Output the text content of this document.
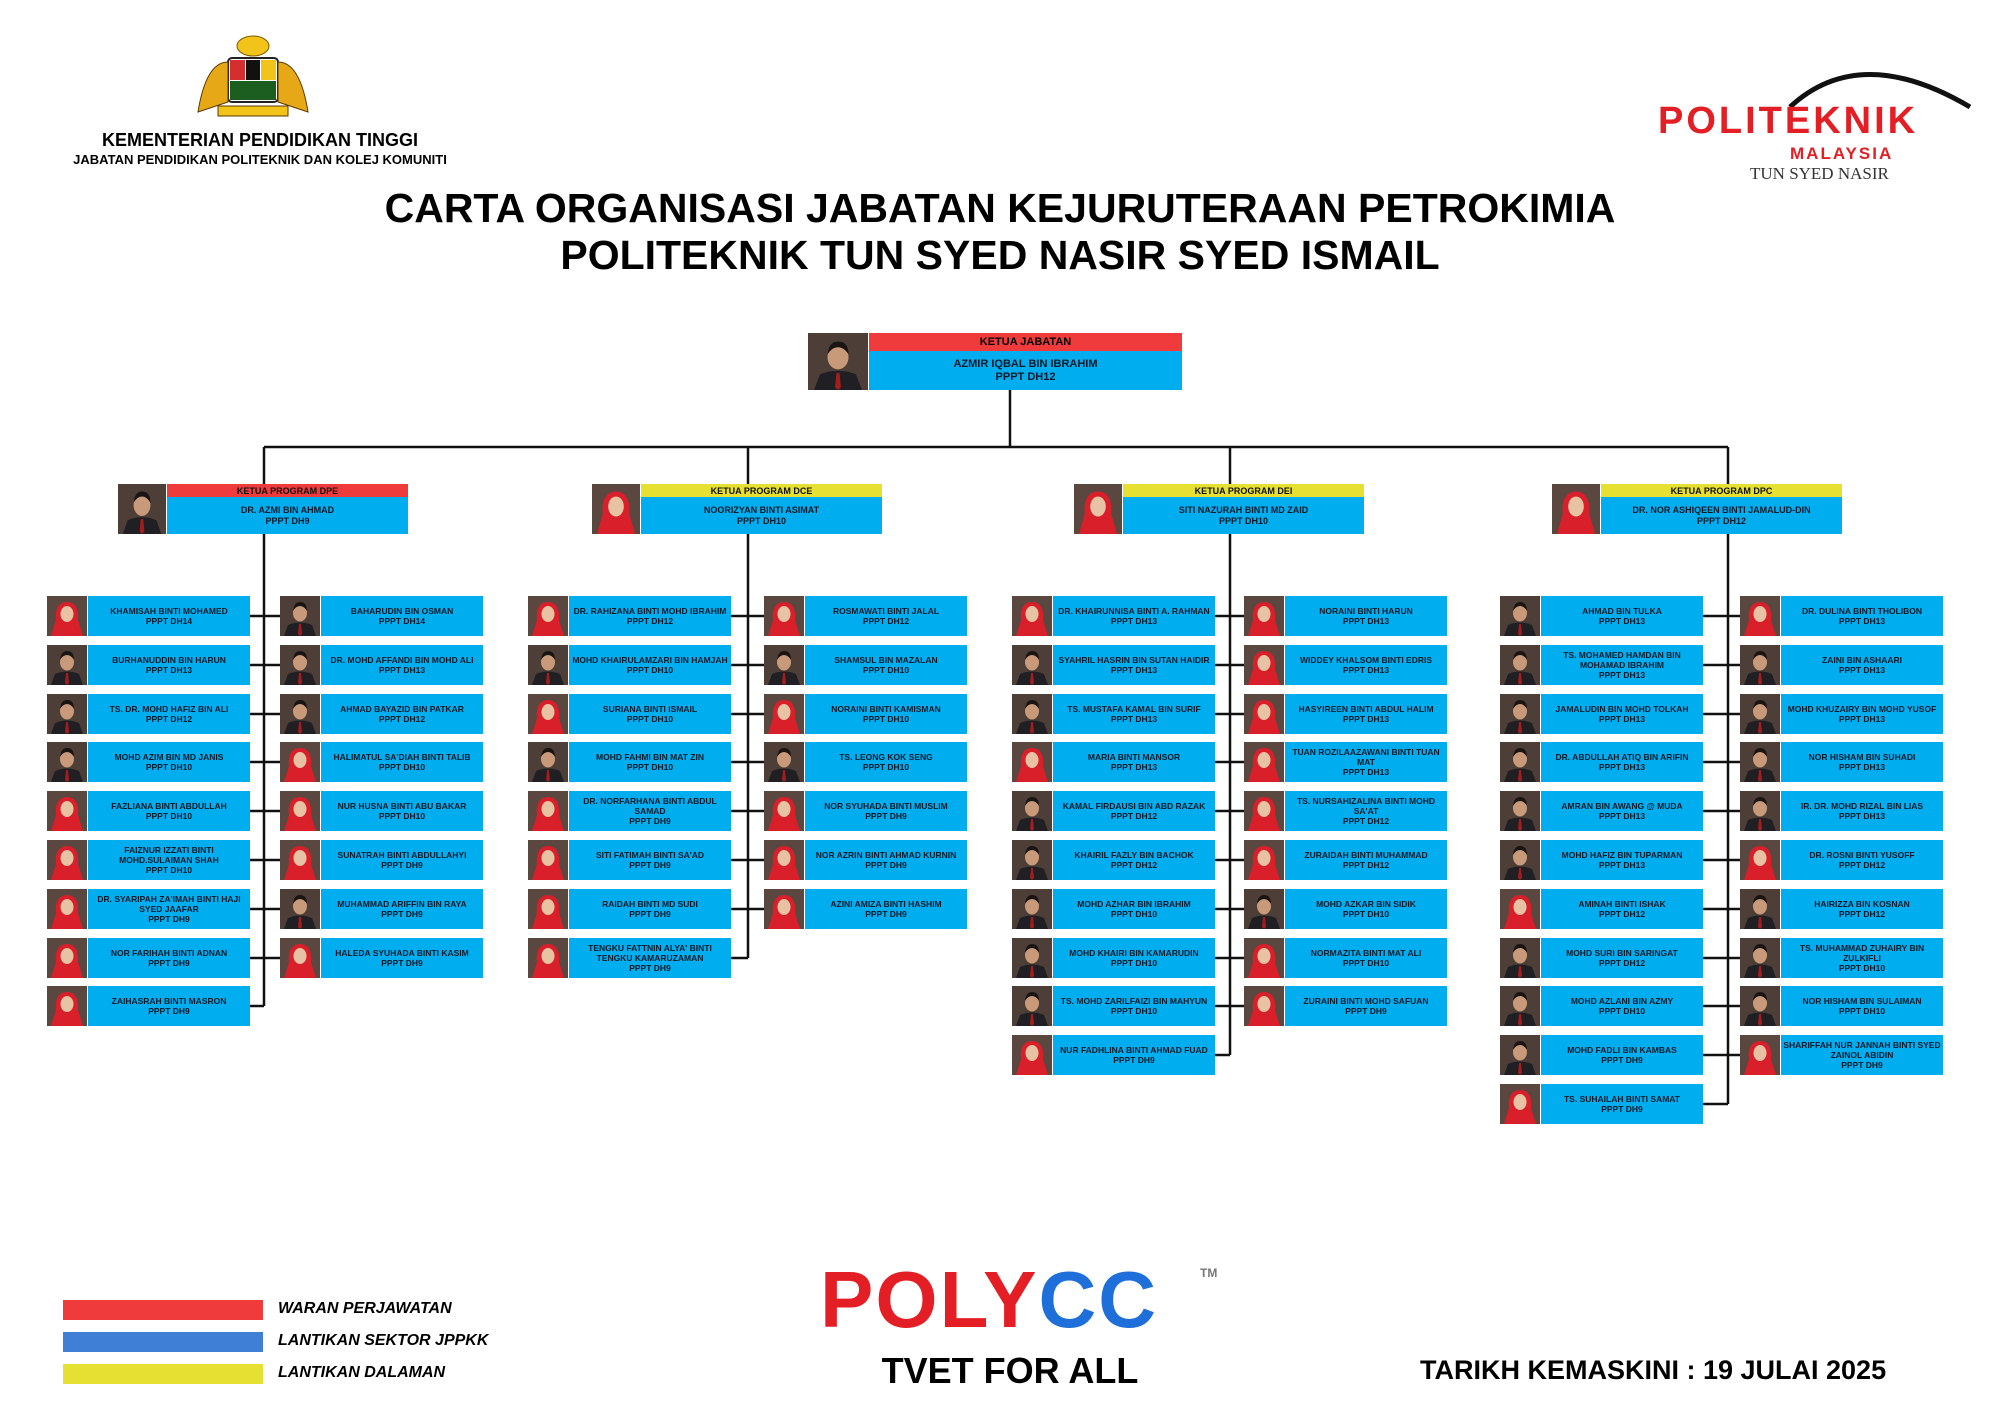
KEMENTERIAN PENDIDIKAN TINGGI
JABATAN PENDIDIKAN POLITEKNIK DAN KOLEJ KOMUNITI
POLITEKNIK
MALAYSIA
TUN SYED NASIR
CARTA ORGANISASI JABATAN KEJURUTERAAN PETROKIMIA
POLITEKNIK TUN SYED NASIR SYED ISMAIL
KETUA JABATAN
AZMIR IQBAL BIN IBRAHIM
PPPT DH12
KETUA PROGRAM DPE
DR. AZMI BIN AHMAD
PPPT DH9
KHAMISAH BINTI MOHAMED
PPPT DH14
BURHANUDDIN BIN HARUN
PPPT DH13
TS. DR. MOHD HAFIZ BIN ALI
PPPT DH12
MOHD AZIM BIN MD JANIS
PPPT DH10
FAZLIANA BINTI ABDULLAH
PPPT DH10
FAIZNUR IZZATI BINTI MOHD.SULAIMAN SHAH
PPPT DH10
DR. SYARIPAH ZA'IMAH BINTI HAJI SYED JAAFAR
PPPT DH9
NOR FARIHAH BINTI ADNAN
PPPT DH9
ZAIHASRAH BINTI MASRON
PPPT DH9
BAHARUDIN BIN OSMAN
PPPT DH14
DR. MOHD AFFANDI BIN MOHD ALI
PPPT DH13
AHMAD BAYAZID BIN PATKAR
PPPT DH12
HALIMATUL SA'DIAH BINTI TALIB
PPPT DH10
NUR HUSNA BINTI ABU BAKAR
PPPT DH10
SUNATRAH BINTI ABDULLAHYI
PPPT DH9
MUHAMMAD ARIFFIN BIN RAYA
PPPT DH9
HALEDA SYUHADA BINTI KASIM
PPPT DH9
KETUA PROGRAM DCE
NOORIZYAN BINTI ASIMAT
PPPT DH10
DR. RAHIZANA BINTI MOHD IBRAHIM
PPPT DH12
MOHD KHAIRULAMZARI BIN HAMJAH
PPPT DH10
SURIANA BINTI ISMAIL
PPPT DH10
MOHD FAHMI BIN MAT ZIN
PPPT DH10
DR. NORFARHANA BINTI ABDUL SAMAD
PPPT DH9
SITI FATIMAH BINTI SA'AD
PPPT DH9
RAIDAH BINTI MD SUDI
PPPT DH9
TENGKU FATTNIN ALYA' BINTI TENGKU KAMARUZAMAN
PPPT DH9
ROSMAWATI BINTI JALAL
PPPT DH12
SHAMSUL BIN MAZALAN
PPPT DH10
NORAINI BINTI KAMISMAN
PPPT DH10
TS. LEONG KOK SENG
PPPT DH10
NOR SYUHADA BINTI MUSLIM
PPPT DH9
NOR AZRIN BINTI AHMAD KURNIN
PPPT DH9
AZINI AMIZA BINTI HASHIM
PPPT DH9
KETUA PROGRAM DEI
SITI NAZURAH BINTI MD ZAID
PPPT DH10
DR. KHAIRUNNISA BINTI A. RAHMAN
PPPT DH13
SYAHRIL HASRIN BIN SUTAN HAIDIR
PPPT DH13
TS. MUSTAFA KAMAL BIN SURIF
PPPT DH13
MARIA BINTI MANSOR
PPPT DH13
KAMAL FIRDAUSI BIN ABD RAZAK
PPPT DH12
KHAIRIL FAZLY BIN BACHOK
PPPT DH12
MOHD AZHAR BIN IBRAHIM
PPPT DH10
MOHD KHAIRI BIN KAMARUDIN
PPPT DH10
TS. MOHD ZARILFAIZI BIN MAHYUN
PPPT DH10
NUR FADHLINA BINTI AHMAD FUAD
PPPT DH9
NORAINI BINTI HARUN
PPPT DH13
WIDDEY KHALSOM BINTI EDRIS
PPPT DH13
HASYIREEN BINTI ABDUL HALIM
PPPT DH13
TUAN ROZILAAZAWANI BINTI TUAN MAT
PPPT DH13
TS. NURSAHIZALINA BINTI MOHD SA'AT
PPPT DH12
ZURAIDAH BINTI MUHAMMAD
PPPT DH12
MOHD AZKAR BIN SIDIK
PPPT DH10
NORMAZITA BINTI MAT ALI
PPPT DH10
ZURAINI BINTI MOHD SAFUAN
PPPT DH9
KETUA PROGRAM DPC
DR. NOR ASHIQEEN BINTI JAMALUD-DIN
PPPT DH12
AHMAD BIN TULKA
PPPT DH13
TS. MOHAMED HAMDAN BIN MOHAMAD IBRAHIM
PPPT DH13
JAMALUDIN BIN MOHD TOLKAH
PPPT DH13
DR. ABDULLAH ATIQ BIN ARIFIN
PPPT DH13
AMRAN BIN AWANG @ MUDA
PPPT DH13
MOHD HAFIZ BIN TUPARMAN
PPPT DH13
AMINAH BINTI ISHAK
PPPT DH12
MOHD SURI BIN SARINGAT
PPPT DH12
MOHD AZLANI BIN AZMY
PPPT DH10
MOHD FADLI BIN KAMBAS
PPPT DH9
TS. SUHAILAH BINTI SAMAT
PPPT DH9
DR. DULINA BINTI THOLIBON
PPPT DH13
ZAINI BIN ASHAARI
PPPT DH13
MOHD KHUZAIRY BIN MOHD YUSOF
PPPT DH13
NOR HISHAM BIN SUHADI
PPPT DH13
IR. DR. MOHD RIZAL BIN LIAS
PPPT DH13
DR. ROSNI BINTI YUSOFF
PPPT DH12
HAIRIZZA BIN KOSNAN
PPPT DH12
TS. MUHAMMAD ZUHAIRY BIN ZULKIFLI
PPPT DH10
NOR HISHAM BIN SULAIMAN
PPPT DH10
SHARIFFAH NUR JANNAH BINTI SYED ZAINOL ABIDIN
PPPT DH9
WARAN PERJAWATAN
LANTIKAN SEKTOR JPPKK
LANTIKAN DALAMAN
POLYCC	TM
TVET FOR ALL	TARIKH KEMASKINI : 19 JULAI 2025
